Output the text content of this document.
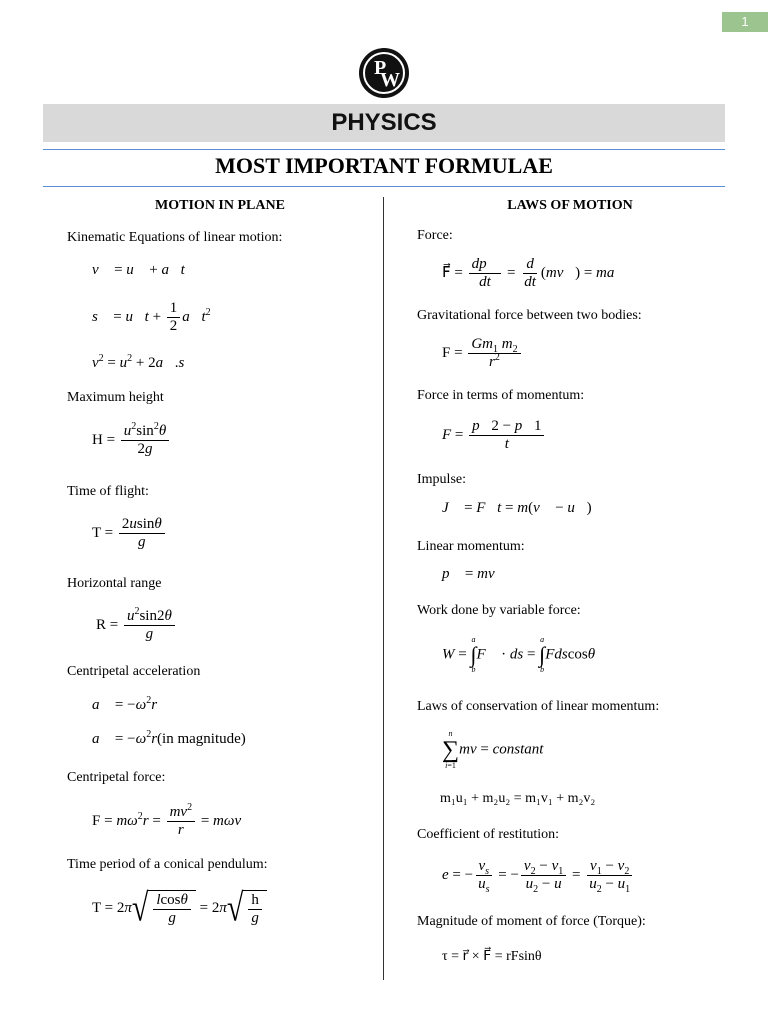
1
P
W
PHYSICS
MOST IMPORTANT FORMULAE
MOTION IN PLANE
Kinematic Equations of linear motion:
v⃗ = u⃗ + a⃗t
s⃗ = u⃗t + $\frac{1}{2}$ $a⃗t^2$
$v^2 = u^2$ + 2a⃗.s⃗
Maximum height
$H = \frac{u^2\sin^2\theta}{2g}$
Time of flight:
$T = \frac{2usin\theta}{g}$
Horizontal range
$R = \frac{u^2\sin 2\theta}{g}$
Centripetal acceleration
a⃗ = $-\omega^2r⃗$
a⃗ = $-\omega^2r(in$ magnitude)
Centripetal force:
$F = m\omega^2r = \frac{mv^2}{r} = m\omega v$
Time period of a conical pendulum:
T = 2π √ $\frac{lcos\theta}{g} = 2\pi$ √ $\frac{h}{g}$
LAWS OF MOTION
Force:
F⃗ = $\frac{dp⃗}{dt} = \frac{d}{dt}$ (mv⃗) = ma⃗
Gravitational force between two bodies:
$F = \frac{Gm_1 m_2}{r^2}$
Force in terms of momentum:
$F = \frac{p⃗2 - p⃗1}{t}$
Impulse:
J⃗ = F⃗t = m(v⃗ − u⃗)
Linear momentum:
p⃗ = mv⃗
Work done by variable force:
W =
a
∫
b
F⃗ · ds =
a
∫
b
Fdscosθ
Laws of conservation of linear momentum:
n
∑
i=1
mv = constant
m₁u₁ + m₂u₂ = m₁v₁ + m₂v₂
Coefficient of restitution:
e = − $\frac{v_s}{u_s}$ = − $\frac{v_2 - v_1}{u_2 - u} = \frac{v_1 - v_2}{u_2 - u_1}$
Magnitude of moment of force (Torque):
τ = r⃗ × F⃗ = rFsinθ
